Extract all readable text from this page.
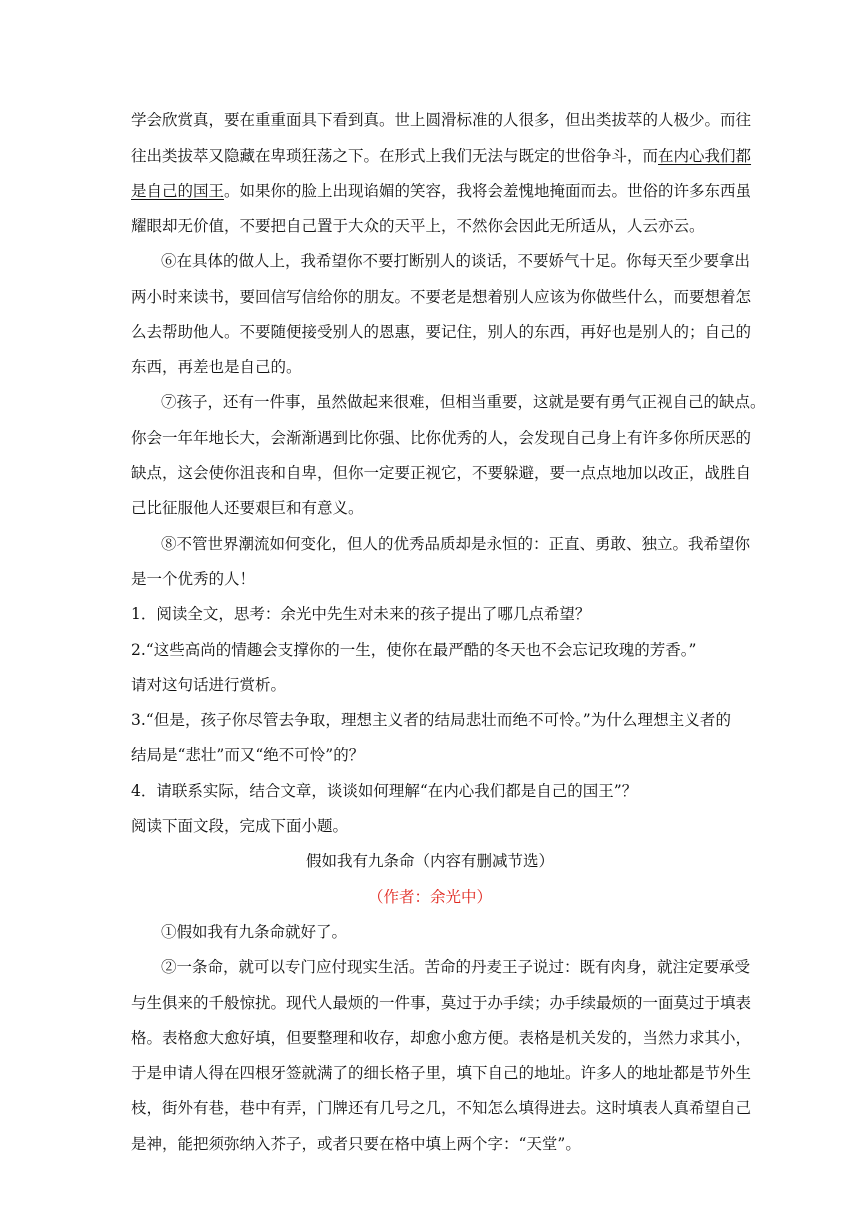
学会欣赏真，要在重重面具下看到真。世上圆滑标准的人很多，但出类拔萃的人极少。而往
往出类拔萃又隐藏在卑琐狂荡之下。在形式上我们无法与既定的世俗争斗，而在内心我们都
是自己的国王。如果你的脸上出现谄媚的笑容，我将会羞愧地掩面而去。世俗的许多东西虽
耀眼却无价值，不要把自己置于大众的天平上，不然你会因此无所适从，人云亦云。
⑥在具体的做人上，我希望你不要打断别人的谈话，不要娇气十足。你每天至少要拿出
两小时来读书，要回信写信给你的朋友。不要老是想着别人应该为你做些什么，而要想着怎
么去帮助他人。不要随便接受别人的恩惠，要记住，别人的东西，再好也是别人的；自己的
东西，再差也是自己的。
⑦孩子，还有一件事，虽然做起来很难，但相当重要，这就是要有勇气正视自己的缺点。
你会一年年地长大，会渐渐遇到比你强、比你优秀的人，会发现自己身上有许多你所厌恶的
缺点，这会使你沮丧和自卑，但你一定要正视它，不要躲避，要一点点地加以改正，战胜自
己比征服他人还要艰巨和有意义。
⑧不管世界潮流如何变化，但人的优秀品质却是永恒的：正直、勇敢、独立。我希望你
是一个优秀的人！
1．阅读全文，思考：余光中先生对未来的孩子提出了哪几点希望？
2.“这些高尚的情趣会支撑你的一生，使你在最严酷的冬天也不会忘记玫瑰的芳香。”
请对这句话进行赏析。
3.“但是，孩子你尽管去争取，理想主义者的结局悲壮而绝不可怜。”为什么理想主义者的
结局是“悲壮”而又“绝不可怜”的？
4．请联系实际，结合文章，谈谈如何理解“在内心我们都是自己的国王”？
阅读下面文段，完成下面小题。
假如我有九条命（内容有删减节选）
（作者：余光中）
①假如我有九条命就好了。
②一条命，就可以专门应付现实生活。苦命的丹麦王子说过：既有肉身，就注定要承受
与生俱来的千般惊扰。现代人最烦的一件事，莫过于办手续；办手续最烦的一面莫过于填表
格。表格愈大愈好填，但要整理和收存，却愈小愈方便。表格是机关发的，当然力求其小，
于是申请人得在四根牙签就满了的细长格子里，填下自己的地址。许多人的地址都是节外生
枝，街外有巷，巷中有弄，门牌还有几号之几，不知怎么填得进去。这时填表人真希望自己
是神，能把须弥纳入芥子，或者只要在格中填上两个字：“天堂”。
